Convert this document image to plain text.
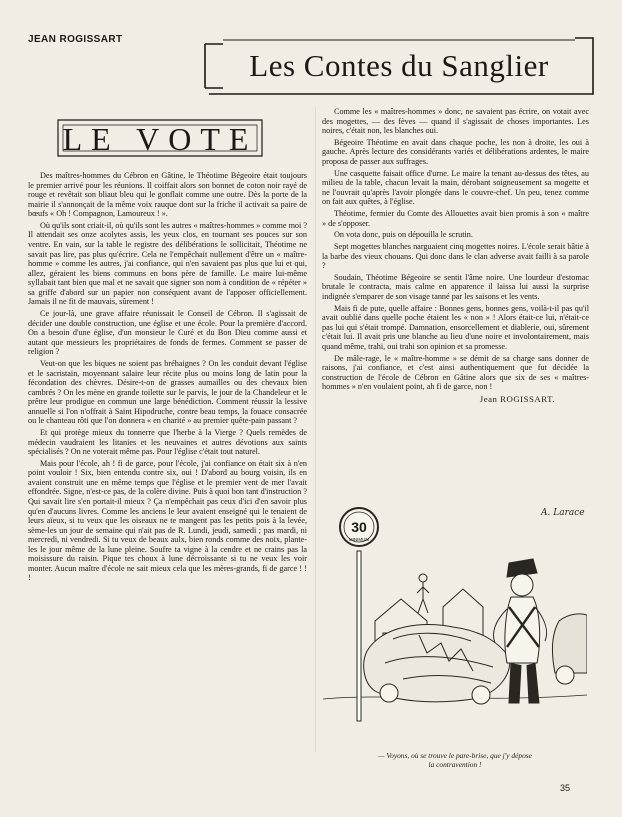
JEAN ROGISSART
Les Contes du Sanglier
LE VOTE

Des maîtres-hommes du Cébron en Gâtine, le Théotime Bégeoire était toujours le premier arrivé pour les réunions. Il coiffait alors son bonnet de coton noir rayé de rouge et revêtait son bliaut bleu qui le gonflait comme une outre. Dès la porte de la mairie il s'annonçait de la même voix rauque dont sur la friche il activait sa paire de bœufs « Oh ! Compagnon, Lamoureux ! ».

Où qu'ils sont criait-il, où qu'ils sont les autres « maîtres-hommes » comme moi ? Il attendait ses onze acolytes assis, les yeux clos, en tournant ses pouces sur son ventre. En vain, sur la table le registre des délibérations le sollicitait, Théotime ne savait pas lire, pas plus qu'écrire. Cela ne l'empêchait nullement d'être un « maître-homme » comme les autres, j'ai confiance, qui n'en savaient pas plus que lui et qui, allez, géraient les biens communs en bons père de famille. Le maire lui-même syllabait tant bien que mal et ne savait que signer son nom à condition de « répéter » sa griffe d'abord sur un papier non conséquent avant de l'apposer officiellement. Jamais il ne fit de mauvais, sûrement !

Ce jour-là, une grave affaire réunissait le Conseil de Cébron. Il s'agissait de décider une double construction, une église et une école. Pour la première d'accord. On a besoin d'une église, d'un monsieur le Curé et du Bon Dieu comme aussi et autant que messieurs les propriétaires de fonds de fermes. Comment se passer de religion ?

Veut-on que les biques ne soient pas bréhaignes ? On les conduit devant l'église et le sacristain, moyennant salaire leur récite plus ou moins long de latin pour la fécondation des chèvres. Désire-t-on de grasses aumailles ou des chevaux bien cambrés ? On les mène en grande toilette sur le parvis, le jour de la Chandeleur et le prêtre leur prodigue en commun une large bénédiction. Comment réussir la lessive annuelle si l'on n'offrait à Saint Hipodruche, contre beau temps, la fouace consacrée ou le chanteau rôti que l'on donnera « en charité » au premier quête-pain passant ?

Et qui protège mieux du tonnerre que l'herbe à la Vierge ? Quels remèdes de médecin vaudraient les litanies et les neuvaines et autres dévotions aux saints spécialisés ? On ne voterait même pas. Pour l'église c'était tout naturel.

Mais pour l'école, ah ! fi de garce, pour l'école, j'ai confiance on était six à n'en point vouloir ! Six, bien entendu contre six, oui ! D'abord au bourg voisin, ils en avaient construit une en même temps que l'église et le premier vent de mer l'avait effondrée. Signe, n'est-ce pas, de la colère divine. Puis à quoi bon tant d'instruction ? Qui savait lire s'en portait-il mieux ? Ça n'empêchait pas ceux d'ici d'en savoir plus qu'en d'aucuns livres. Comme les anciens le leur avaient enseigné qui le tenaient de leurs aïeux, si tu veux que les oiseaux ne te mangent pas les petits pois à la levée, sème-les un jour de semaine qui n'ait pas de R. Lundi, jeudi, samedi ; pas mardi, ni mercredi, ni vendredi. Si tu veux de beaux aulx, bien ronds comme des noix, plante-les le jour même de la lune pleine. Soufre ta vigne à la cendre et ne crains pas la moisissure du raisin. Pique tes choux à lune décroissante si tu ne veux les voir monter. Aucun maître d'école ne sait mieux cela que les mères-grands, fi de garce ! ! !

Comme les « maîtres-hommes » donc, ne savaient pas écrire, on votait avec des mogettes, — des fèves — quand il s'agissait de choses importantes. Les noires, c'était non, les blanches oui.

Bégeoire Théotime en avait dans chaque poche, les non à droite, les oui à gauche. Après lecture des considérants variés et délibérations ardentes, le maire proposa de passer aux suffrages.

Une casquette faisait office d'urne. Le maire la tenant au-dessus des têtes, au milieu de la table, chacun levait la main, dérobant soigneusement sa mogette et ne l'ouvrait qu'après l'avoir plongée dans le couvre-chef. Un peu, tenez comme on fait aux quêtes, à l'église.

Théotime, fermier du Comte des Allouettes avait bien promis à son « maître » de s'opposer.

On vota donc, puis on dépouilla le scrutin.

Sept mogettes blanches narguaient cinq mogettes noires. L'école serait bâtie à la barbe des vieux chouans. Qui donc dans le clan adverse avait failli à sa parole ?

Soudain, Théotime Bégeoire se sentit l'âme noire. Une lourdeur d'estomac brutale le contracta, mais calme en apparence il laissa lui aussi la surprise indignée s'emparer de son visage tanné par les saisons et les vents.

Mais fi de pute, quelle affaire : Bonnes gens, bonnes gens, voilà-t-il pas qu'il avait oublié dans quelle poche étaient les « non » ! Alors était-ce lui, n'était-ce pas lui qui s'était trompé. Damnation, ensorcellement et diablerie, oui, sûrement c'était lui. Il avait pris une blanche au lieu d'une noire et involontairement, mais quand même, trahi, oui trahi son opinion et sa promesse.

De mâle-rage, le « maître-homme » se démit de sa charge sans donner de raisons, j'ai confiance, et c'est ainsi authentiquement que fut décidée la construction de l'école de Cébron en Gâtine alors que six de ses « maîtres-hommes » n'en voulaient point, ah fi de garce, non !

Jean ROGISSART.
30
MINIMUM
A. Larace
— Voyons, où se trouve le pare-brise, que j'y dépose
la contravention !
35
